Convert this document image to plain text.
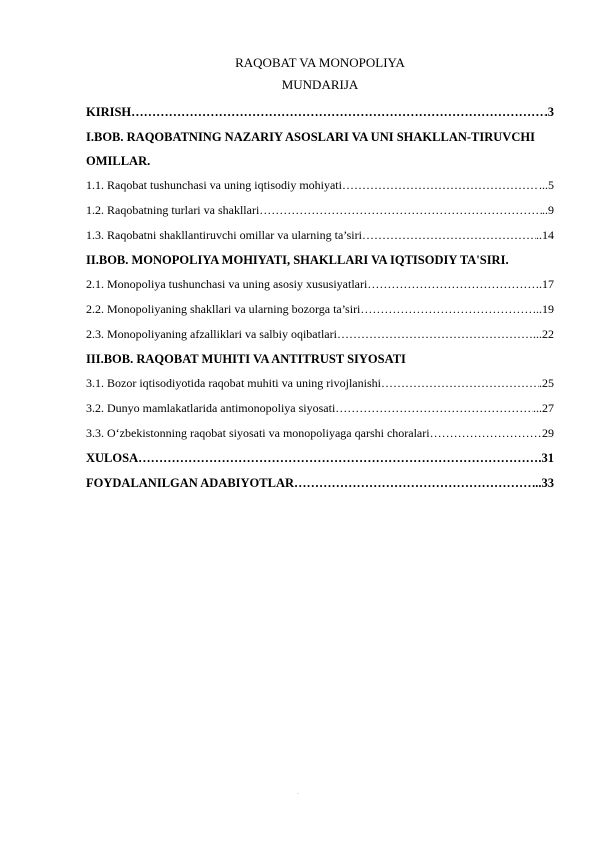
RAQOBAT VA MONOPOLIYA
MUNDARIJA
KIRISH …………………………………………………………………………………………………………………………………………………………………………………	.3
I.BOB. RAQOBATNING NAZARIY ASOSLARI VA UNI SHAKLLAN-TIRUVCHI OMILLAR.
1.1. Raqobat tushunchasi va uning iqtisodiy mohiyati …………………………………………………………………………………………………………………………………………………………………………………	...5
1.2. Raqobatning turlari va shakllari …………………………………………………………………………………………………………………………………………………………………………………	..9
1.3. Raqobatni shakllantiruvchi omillar va ularning ta’siri …………………………………………………………………………………………………………………………………………………………………………………	..14
II.BOB. MONOPOLIYA MOHIYATI, SHAKLLARI VA IQTISODIY TA'SIRI.
2.1. Monopoliya tushunchasi va uning asosiy xususiyatlari …………………………………………………………………………………………………………………………………………………………………………………	.17
2.2. Monopoliyaning shakllari va ularning bozorga ta’siri …………………………………………………………………………………………………………………………………………………………………………………	..19
2.3. Monopoliyaning afzalliklari va salbiy oqibatlari …………………………………………………………………………………………………………………………………………………………………………………	...22
III.BOB. RAQOBAT MUHITI VA ANTITRUST SIYOSATI
3.1. Bozor iqtisodiyotida raqobat muhiti va uning rivojlanishi …………………………………………………………………………………………………………………………………………………………………………………	.25
3.2. Dunyo mamlakatlarida antimonopoliya siyosati …………………………………………………………………………………………………………………………………………………………………………………	...27
3.3. O‘zbekistonning raqobat siyosati va monopoliyaga qarshi choralari …………………………………………………………………………………………………………………………………………………………………………………	29
XULOSA …………………………………………………………………………………………………………………………………………………………………………………	.31
FOYDALANILGAN ADABIYOTLAR …………………………………………………………………………………………………………………………………………………………………………………	...33
.
